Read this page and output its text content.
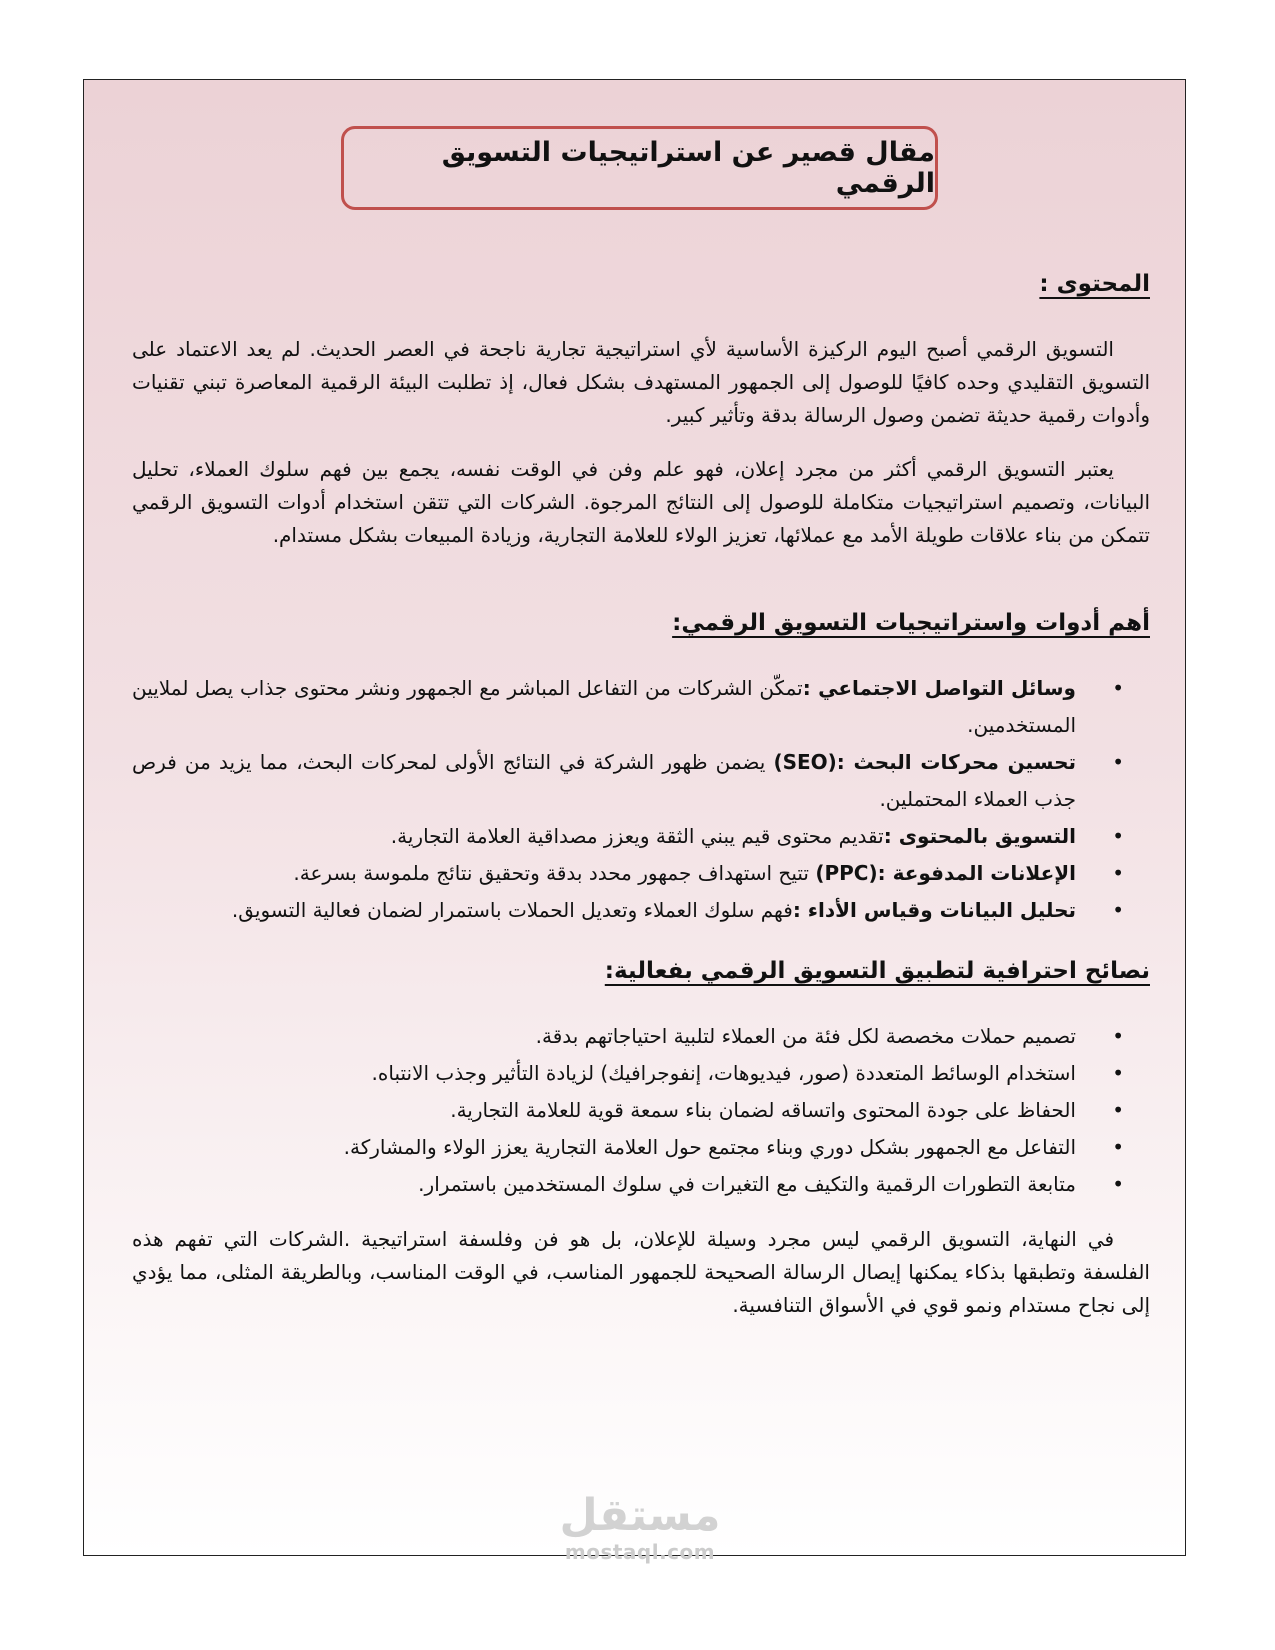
مقال قصير عن استراتيجيات التسويق الرقمي

المحتوى :

التسويق الرقمي أصبح اليوم الركيزة الأساسية لأي استراتيجية تجارية ناجحة في العصر الحديث. لم يعد الاعتماد على التسويق التقليدي وحده كافيًا للوصول إلى الجمهور المستهدف بشكل فعال، إذ تطلبت البيئة الرقمية المعاصرة تبني تقنيات وأدوات رقمية حديثة تضمن وصول الرسالة بدقة وتأثير كبير.

يعتبر التسويق الرقمي أكثر من مجرد إعلان، فهو علم وفن في الوقت نفسه، يجمع بين فهم سلوك العملاء، تحليل البيانات، وتصميم استراتيجيات متكاملة للوصول إلى النتائج المرجوة. الشركات التي تتقن استخدام أدوات التسويق الرقمي تتمكن من بناء علاقات طويلة الأمد مع عملائها، تعزيز الولاء للعلامة التجارية، وزيادة المبيعات بشكل مستدام.

أهم أدوات واستراتيجيات التسويق الرقمي:

•
وسائل التواصل الاجتماعي :تمكّن الشركات من التفاعل المباشر مع الجمهور ونشر محتوى جذاب يصل لملايين المستخدمين.
•
تحسين محركات البحث :(SEO) يضمن ظهور الشركة في النتائج الأولى لمحركات البحث، مما يزيد من فرص جذب العملاء المحتملين.
•
التسويق بالمحتوى :تقديم محتوى قيم يبني الثقة ويعزز مصداقية العلامة التجارية.
•
الإعلانات المدفوعة :(PPC) تتيح استهداف جمهور محدد بدقة وتحقيق نتائج ملموسة بسرعة.
•
تحليل البيانات وقياس الأداء :فهم سلوك العملاء وتعديل الحملات باستمرار لضمان فعالية التسويق.

نصائح احترافية لتطبيق التسويق الرقمي بفعالية:

•
تصميم حملات مخصصة لكل فئة من العملاء لتلبية احتياجاتهم بدقة.
•
استخدام الوسائط المتعددة (صور، فيديوهات، إنفوجرافيك) لزيادة التأثير وجذب الانتباه.
•
الحفاظ على جودة المحتوى واتساقه لضمان بناء سمعة قوية للعلامة التجارية.
•
التفاعل مع الجمهور بشكل دوري وبناء مجتمع حول العلامة التجارية يعزز الولاء والمشاركة.
•
متابعة التطورات الرقمية والتكيف مع التغيرات في سلوك المستخدمين باستمرار.

في النهاية، التسويق الرقمي ليس مجرد وسيلة للإعلان، بل هو فن وفلسفة استراتيجية .الشركات التي تفهم هذه الفلسفة وتطبقها بذكاء يمكنها إيصال الرسالة الصحيحة للجمهور المناسب، في الوقت المناسب، وبالطريقة المثلى، مما يؤدي إلى نجاح مستدام ونمو قوي في الأسواق التنافسية.

مستقل
mostaql.com
